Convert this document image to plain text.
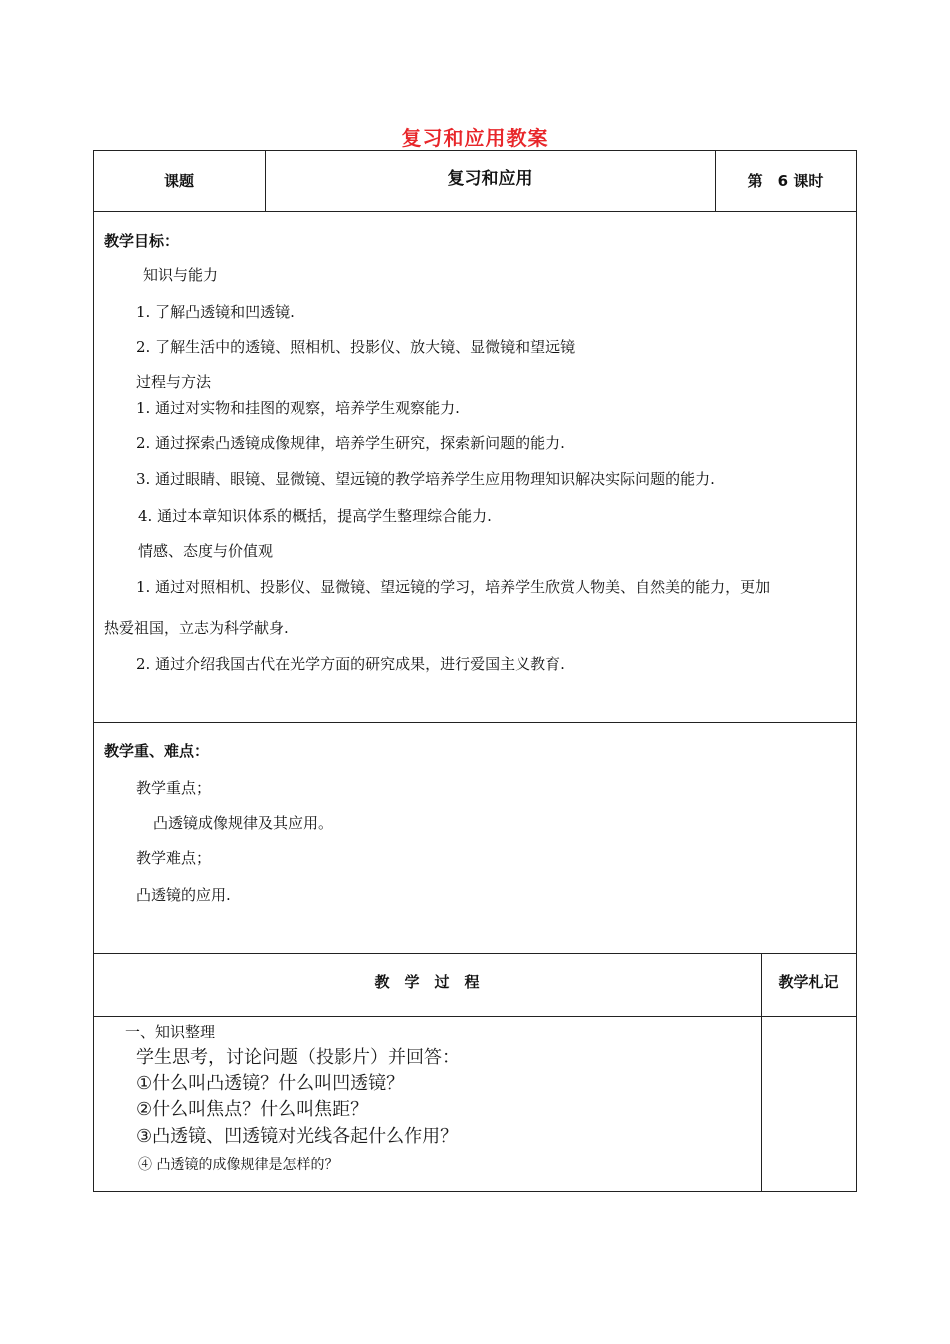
复习和应用教案
课题	复习和应用	第　6 课时
教学目标：
知识与能力
1. 了解凸透镜和凹透镜.
2. 了解生活中的透镜、照相机、投影仪、放大镜、显微镜和望远镜
过程与方法
1. 通过对实物和挂图的观察，培养学生观察能力.
2. 通过探索凸透镜成像规律，培养学生研究，探索新问题的能力.
3. 通过眼睛、眼镜、显微镜、望远镜的教学培养学生应用物理知识解决实际问题的能力.
4. 通过本章知识体系的概括，提高学生整理综合能力.
情感、态度与价值观
1. 通过对照相机、投影仪、显微镜、望远镜的学习，培养学生欣赏人物美、自然美的能力，更加
热爱祖国，立志为科学献身.
2. 通过介绍我国古代在光学方面的研究成果，进行爱国主义教育.
教学重、难点：
教学重点；
凸透镜成像规律及其应用。
教学难点；
凸透镜的应用.
教　学　过　程	教学札记
一、知识整理
学生思考，讨论问题（投影片）并回答：
①什么叫凸透镜？什么叫凹透镜？
②什么叫焦点？什么叫焦距？
③凸透镜、凹透镜对光线各起什么作用？
④ 凸透镜的成像规律是怎样的？
